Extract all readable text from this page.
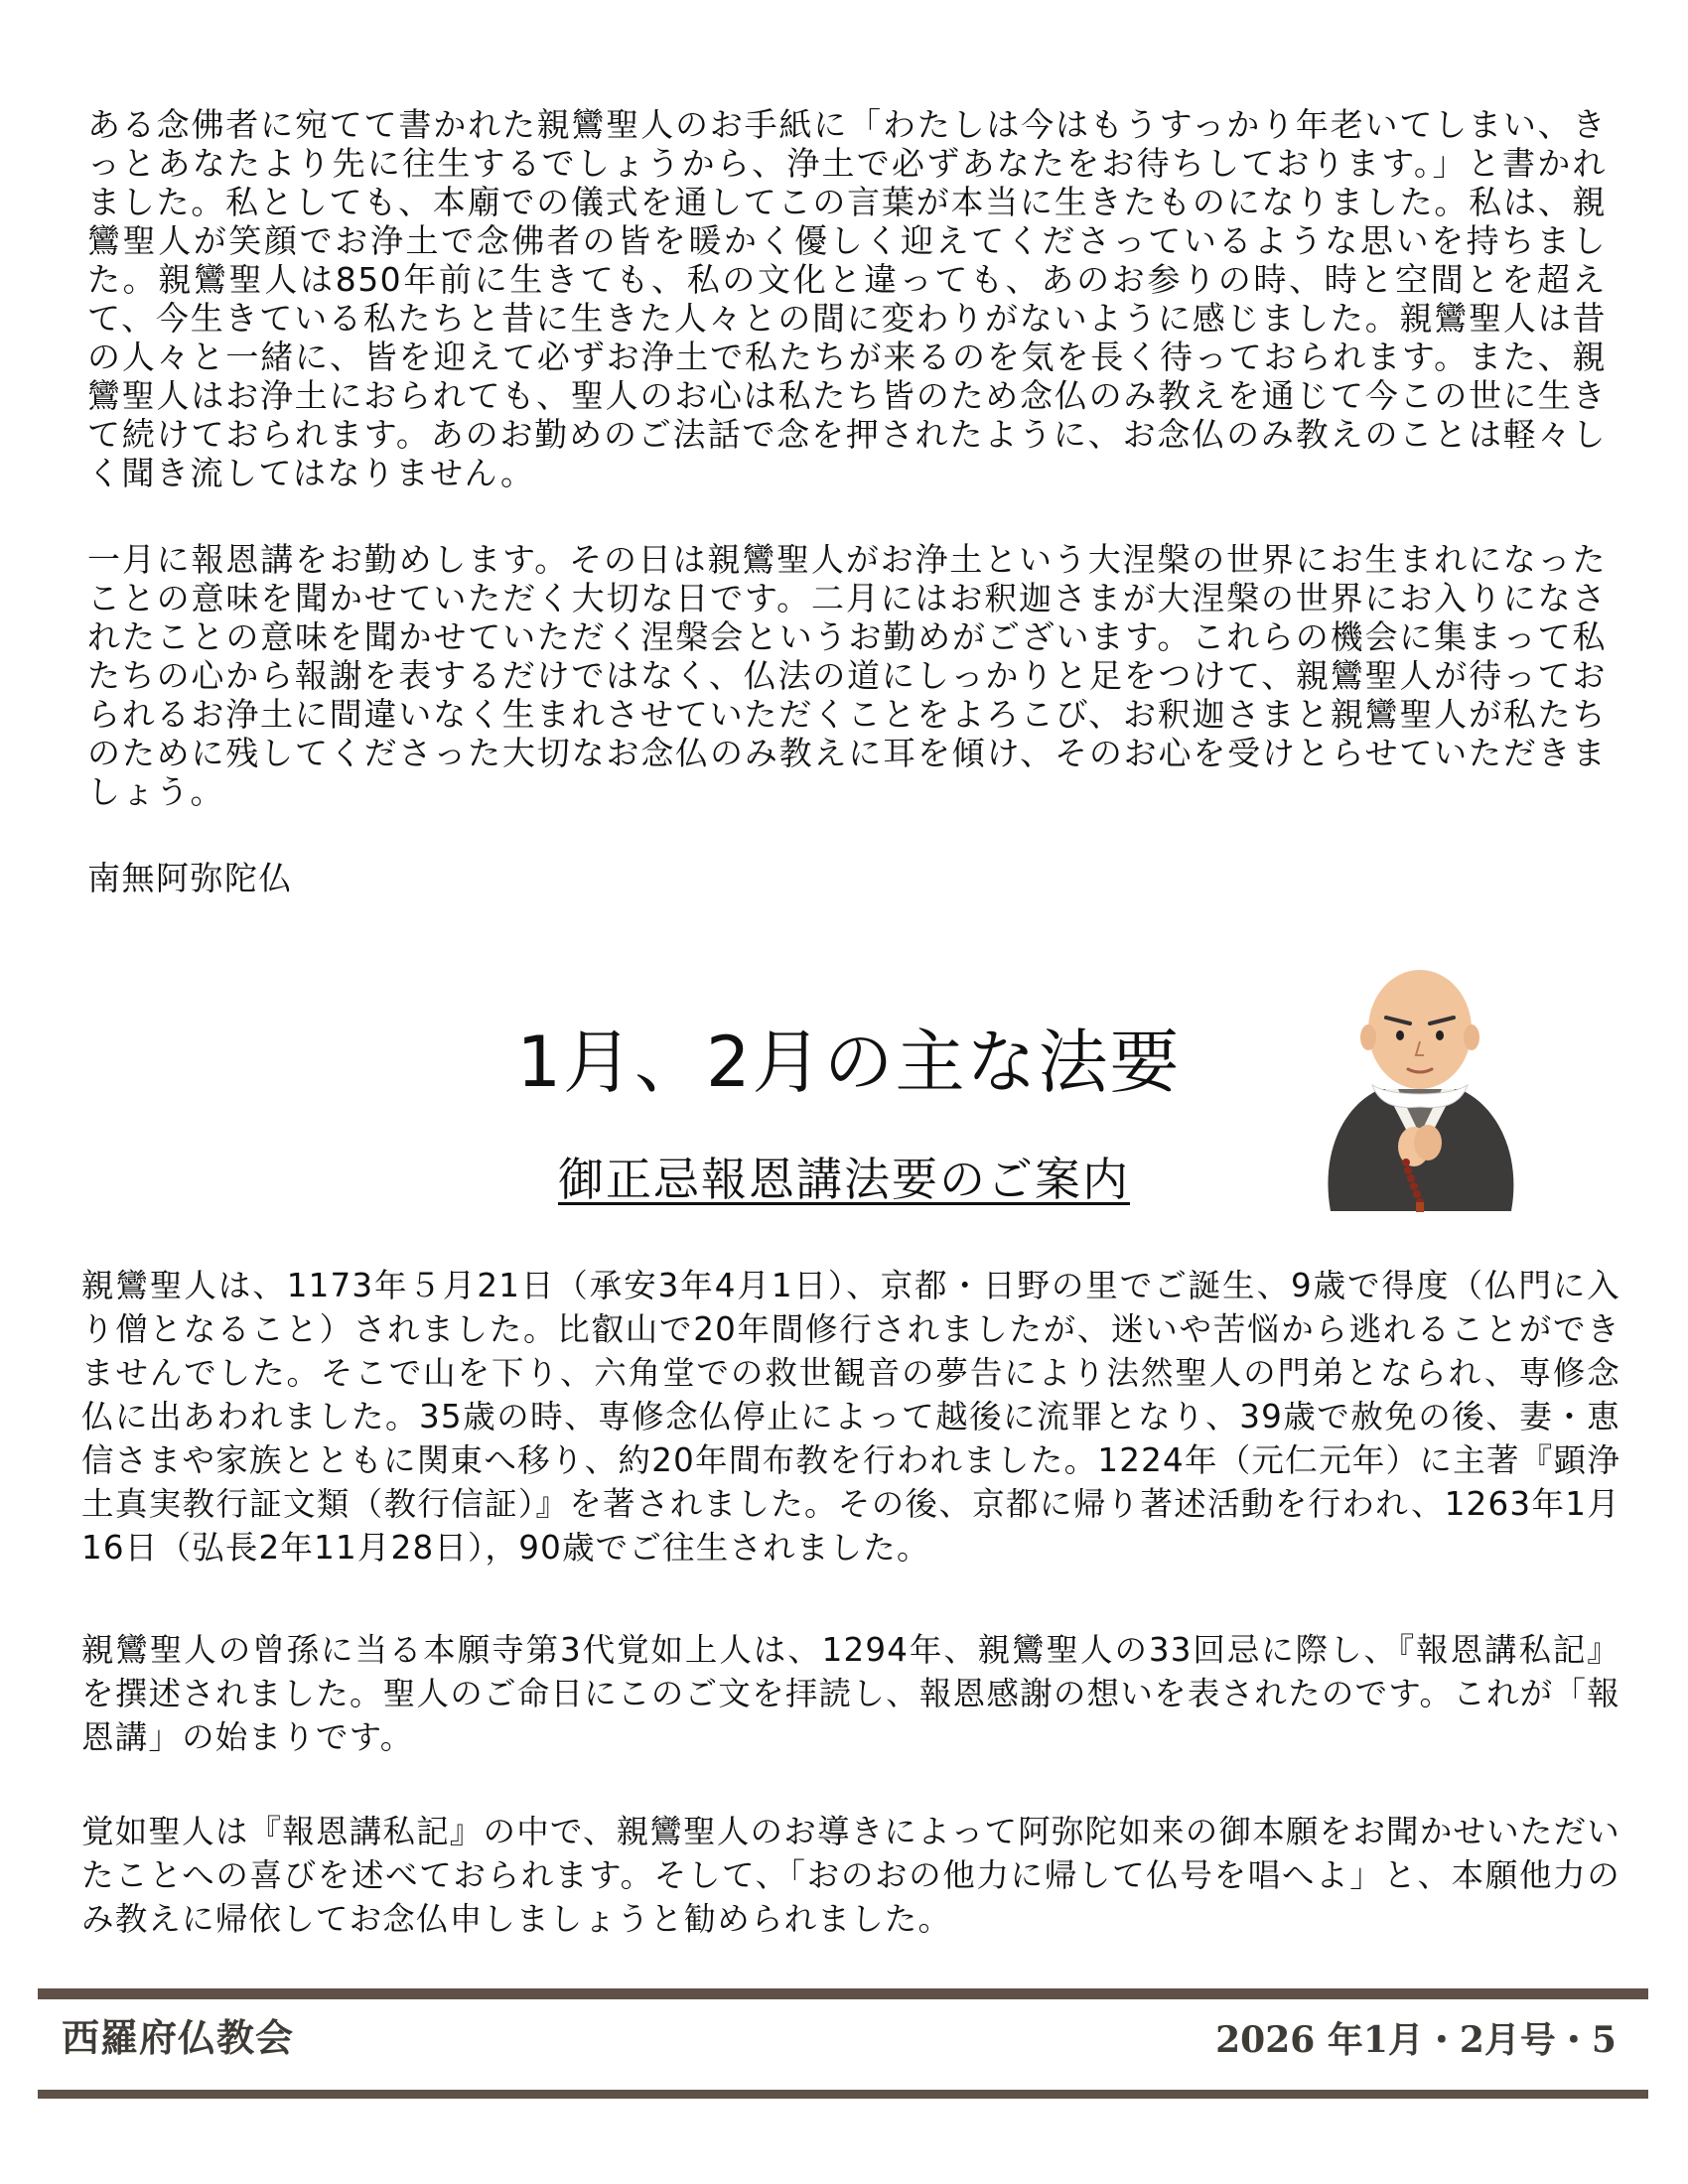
ある念佛者に宛てて書かれた親鸞聖人のお手紙に「わたしは今はもうすっかり年老いてしまい、きっとあなたより先に往生するでしょうから、浄土で必ずあなたをお待ちしております。」と書かれました。私としても、本廟での儀式を通してこの言葉が本当に生きたものになりました。私は、親鸞聖人が笑顔でお浄土で念佛者の皆を暖かく優しく迎えてくださっているような思いを持ちました。親鸞聖人は850年前に生きても、私の文化と違っても、あのお参りの時、時と空間とを超えて、今生きている私たちと昔に生きた人々との間に変わりがないように感じました。親鸞聖人は昔の人々と一緒に、皆を迎えて必ずお浄土で私たちが来るのを気を長く待っておられます。また、親鸞聖人はお浄土におられても、聖人のお心は私たち皆のため念仏のみ教えを通じて今この世に生きて続けておられます。あのお勤めのご法話で念を押されたように、お念仏のみ教えのことは軽々しく聞き流してはなりません。

一月に報恩講をお勤めします。その日は親鸞聖人がお浄土という大涅槃の世界にお生まれになったことの意味を聞かせていただく大切な日です。二月にはお釈迦さまが大涅槃の世界にお入りになされたことの意味を聞かせていただく涅槃会というお勤めがございます。これらの機会に集まって私たちの心から報謝を表するだけではなく、仏法の道にしっかりと足をつけて、親鸞聖人が待っておられるお浄土に間違いなく生まれさせていただくことをよろこび、お釈迦さまと親鸞聖人が私たちのために残してくださった大切なお念仏のみ教えに耳を傾け、そのお心を受けとらせていただきましょう。

南無阿弥陀仏

1月、2月の主な法要
御正忌報恩講法要のご案内

親鸞聖人は、1173年５月21日（承安3年4月1日）、京都・日野の里でご誕生、9歳で得度（仏門に入り僧となること）されました。比叡山で20年間修行されましたが、迷いや苦悩から逃れることができませんでした。そこで山を下り、六角堂での救世観音の夢告により法然聖人の門弟となられ、専修念仏に出あわれました。35歳の時、専修念仏停止によって越後に流罪となり、39歳で赦免の後、妻・恵信さまや家族とともに関東へ移り、約20年間布教を行われました。1224年（元仁元年）に主著『顕浄土真実教行証文類（教行信証）』を著されました。その後、京都に帰り著述活動を行われ、1263年1月16日（弘長2年11月28日），90歳でご往生されました。

親鸞聖人の曾孫に当る本願寺第3代覚如上人は、1294年、親鸞聖人の33回忌に際し、『報恩講私記』を撰述されました。聖人のご命日にこのご文を拝読し、報恩感謝の想いを表されたのです。これが「報恩講」の始まりです。

覚如聖人は『報恩講私記』の中で、親鸞聖人のお導きによって阿弥陀如来の御本願をお聞かせいただいたことへの喜びを述べておられます。そして、「おのおの他力に帰して仏号を唱へよ」と、本願他力のみ教えに帰依してお念仏申しましょうと勧められました。

西羅府仏教会	2026 年1月・2月号・5
